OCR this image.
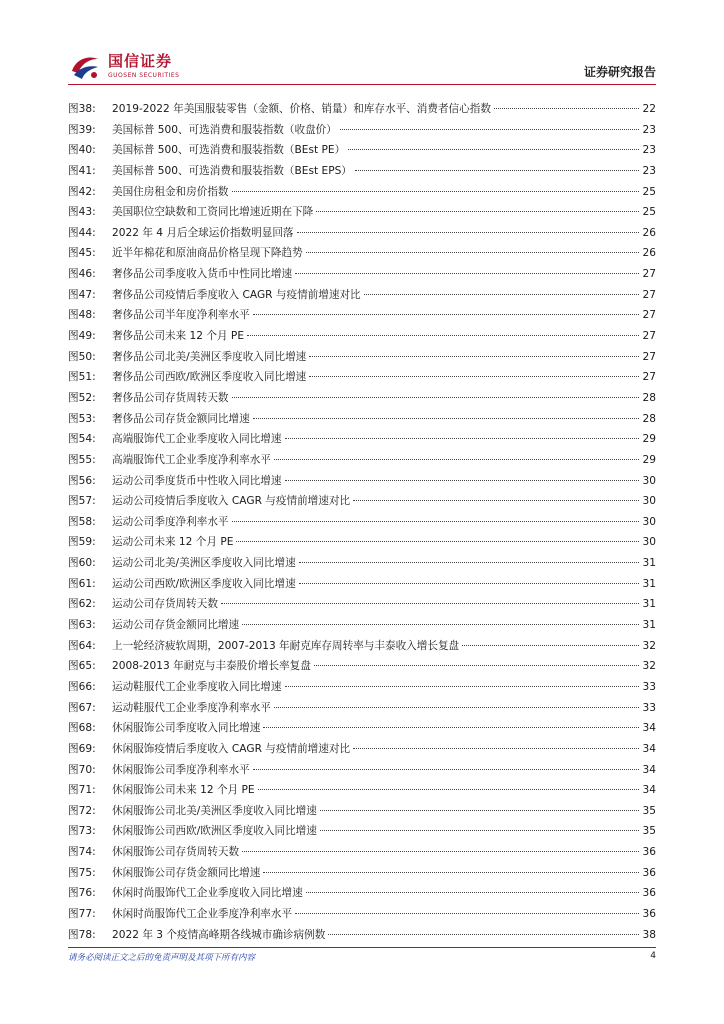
国信证券
GUOSEN SECURITIES	证券研究报告
图38:	2019-2022 年美国服装零售（金额、价格、销量）和库存水平、消费者信心指数	22
图39:	美国标普 500、可选消费和服装指数（收盘价）	23
图40:	美国标普 500、可选消费和服装指数（BEst PE）	23
图41:	美国标普 500、可选消费和服装指数（BEst EPS）	23
图42:	美国住房租金和房价指数	25
图43:	美国职位空缺数和工资同比增速近期在下降	25
图44:	2022 年 4 月后全球运价指数明显回落	26
图45:	近半年棉花和原油商品价格呈现下降趋势	26
图46:	奢侈品公司季度收入货币中性同比增速	27
图47:	奢侈品公司疫情后季度收入 CAGR 与疫情前增速对比	27
图48:	奢侈品公司半年度净利率水平	27
图49:	奢侈品公司未来 12 个月 PE	27
图50:	奢侈品公司北美/美洲区季度收入同比增速	27
图51:	奢侈品公司西欧/欧洲区季度收入同比增速	27
图52:	奢侈品公司存货周转天数	28
图53:	奢侈品公司存货金额同比增速	28
图54:	高端服饰代工企业季度收入同比增速	29
图55:	高端服饰代工企业季度净利率水平	29
图56:	运动公司季度货币中性收入同比增速	30
图57:	运动公司疫情后季度收入 CAGR 与疫情前增速对比	30
图58:	运动公司季度净利率水平	30
图59:	运动公司未来 12 个月 PE	30
图60:	运动公司北美/美洲区季度收入同比增速	31
图61:	运动公司西欧/欧洲区季度收入同比增速	31
图62:	运动公司存货周转天数	31
图63:	运动公司存货金额同比增速	31
图64:	上一轮经济疲软周期，2007-2013 年耐克库存周转率与丰泰收入增长复盘	32
图65:	2008-2013 年耐克与丰泰股价增长率复盘	32
图66:	运动鞋服代工企业季度收入同比增速	33
图67:	运动鞋服代工企业季度净利率水平	33
图68:	休闲服饰公司季度收入同比增速	34
图69:	休闲服饰疫情后季度收入 CAGR 与疫情前增速对比	34
图70:	休闲服饰公司季度净利率水平	34
图71:	休闲服饰公司未来 12 个月 PE	34
图72:	休闲服饰公司北美/美洲区季度收入同比增速	35
图73:	休闲服饰公司西欧/欧洲区季度收入同比增速	35
图74:	休闲服饰公司存货周转天数	36
图75:	休闲服饰公司存货金额同比增速	36
图76:	休闲时尚服饰代工企业季度收入同比增速	36
图77:	休闲时尚服饰代工企业季度净利率水平	36
图78:	2022 年 3 个疫情高峰期各线城市确诊病例数	38
请务必阅读正文之后的免责声明及其项下所有内容	4
